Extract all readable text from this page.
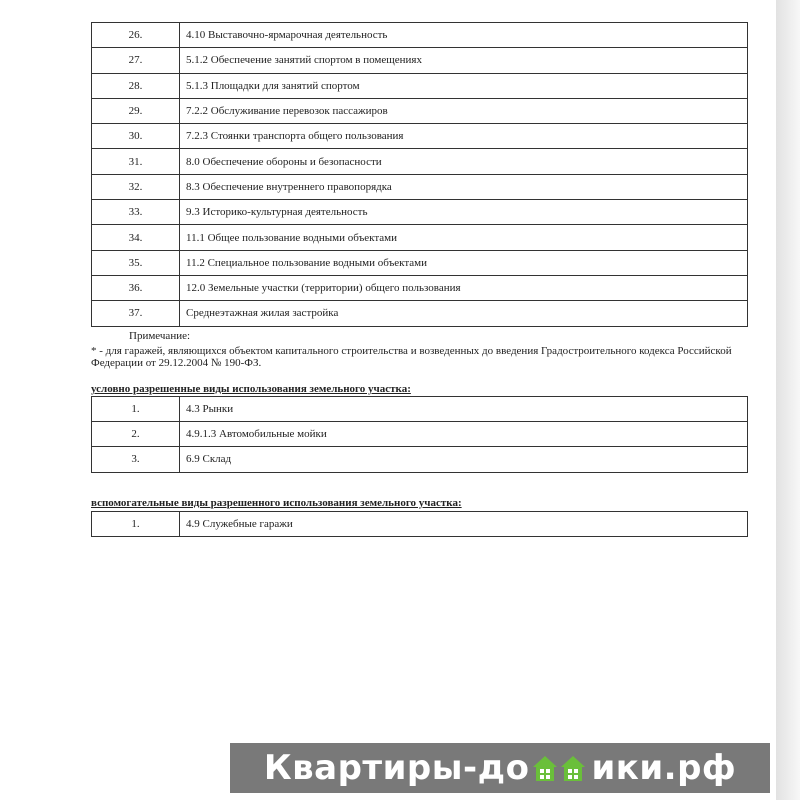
26.	4.10 Выставочно-ярмарочная деятельность
27.	5.1.2 Обеспечение занятий спортом в помещениях
28.	5.1.3 Площадки для занятий спортом
29.	7.2.2 Обслуживание перевозок пассажиров
30.	7.2.3 Стоянки транспорта общего пользования
31.	8.0 Обеспечение обороны и безопасности
32.	8.3 Обеспечение внутреннего правопорядка
33.	9.3 Историко-культурная деятельность
34.	11.1 Общее пользование водными объектами
35.	11.2 Специальное пользование водными объектами
36.	12.0 Земельные участки (территории) общего пользования
37.	Среднеэтажная жилая застройка
Примечание:
* - для гаражей, являющихся объектом капитального строительства и возведенных до введения Градостроительного кодекса Российской Федерации от 29.12.2004 № 190-ФЗ.
условно разрешенные виды использования земельного участка:
1.	4.3 Рынки
2.	4.9.1.3 Автомобильные мойки
3.	6.9 Склад
вспомогательные виды разрешенного использования земельного участка:
1.	4.9 Служебные гаражи
Квартиры-до ики.рф
